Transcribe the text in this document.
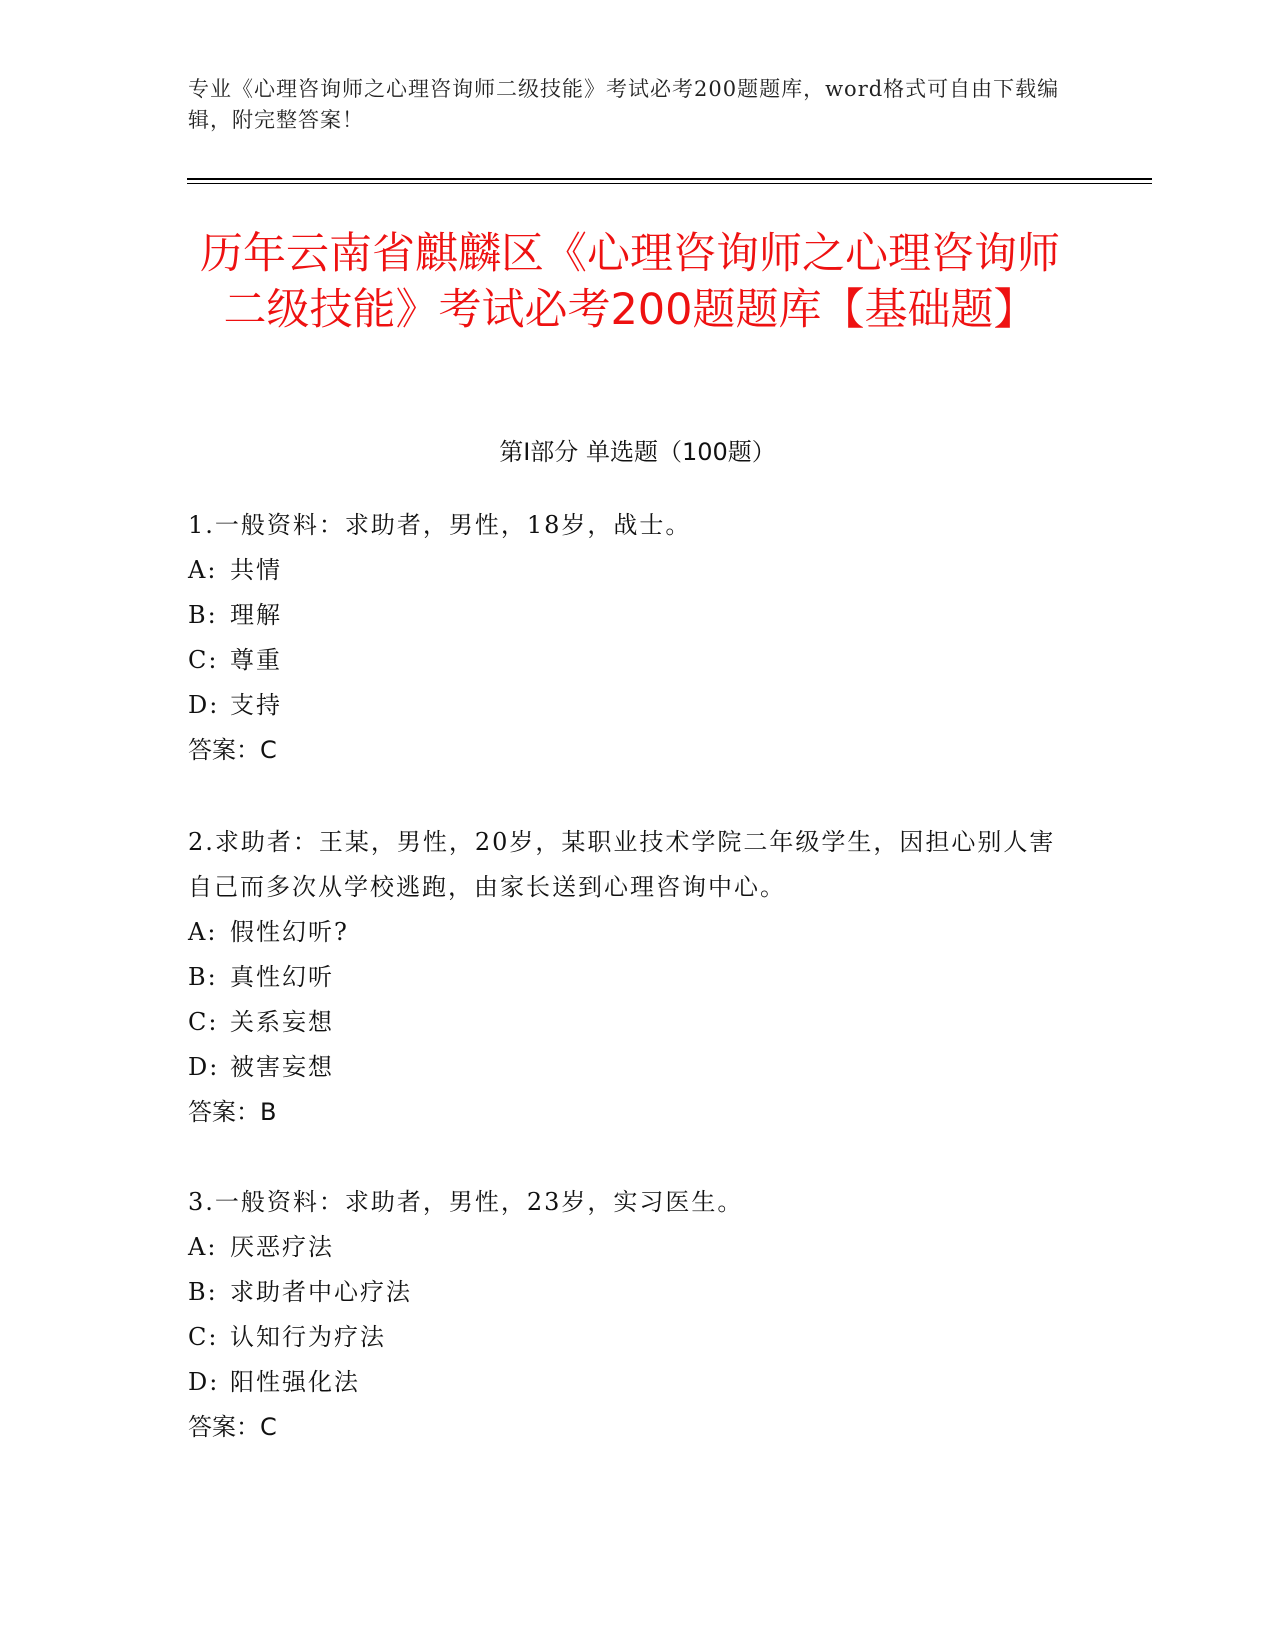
专业《心理咨询师之心理咨询师二级技能》考试必考200题题库，word格式可自由下载编辑，附完整答案！
历年云南省麒麟区《心理咨询师之心理咨询师二级技能》考试必考200题题库【基础题】
第I部分 单选题（100题）
1.一般资料：求助者，男性，18岁，战士。
A: 共情
B: 理解
C: 尊重
D: 支持
答案：C
2.求助者：王某，男性，20岁，某职业技术学院二年级学生，因担心别人害自己而多次从学校逃跑，由家长送到心理咨询中心。
A: 假性幻听?
B: 真性幻听
C: 关系妄想
D: 被害妄想
答案：B
3.一般资料：求助者，男性，23岁，实习医生。
A: 厌恶疗法
B: 求助者中心疗法
C: 认知行为疗法
D: 阳性强化法
答案：C
